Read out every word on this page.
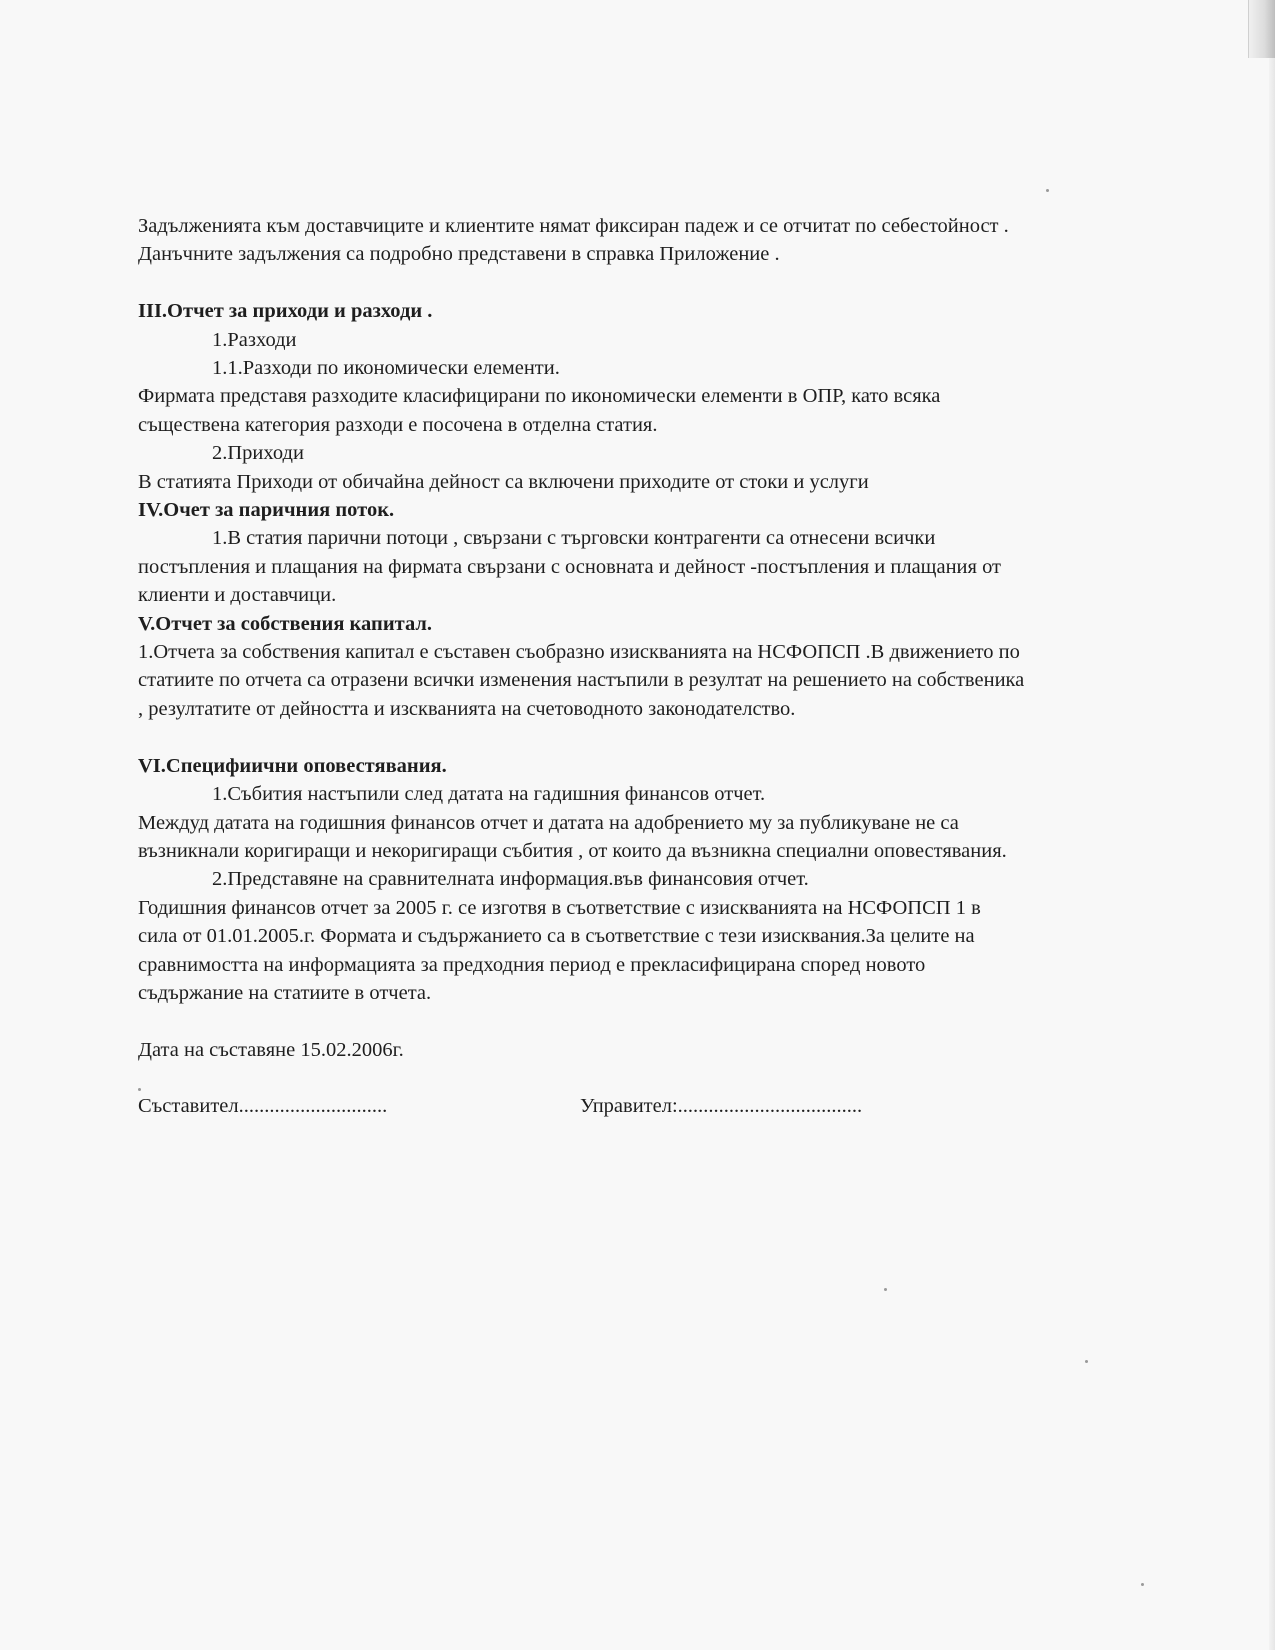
Задълженията към доставчиците и клиентите нямат фиксиран падеж и се отчитат по себестойност .
Данъчните задължения са подробно представени в справка Приложение .
III.Отчет за приходи и разходи .
1.Разходи
1.1.Разходи по икономически елементи.
Фирмата представя разходите класифицирани по икономически елементи в ОПР, като всяка
съществена категория разходи е посочена в отделна статия.
2.Приходи
В статията Приходи от обичайна дейност са включени приходите от стоки и услуги
IV.Очет за паричния поток.
1.В статия парични потоци , свързани с търговски контрагенти са отнесени всички
постъпления и плащания на фирмата свързани с основната и дейност -постъпления и плащания от
клиенти и доставчици.
V.Отчет за собствения капитал.
1.Отчета за собствения капитал е съставен съобразно изискванията на НСФОПСП .В движението по
статиите по отчета са отразени всички изменения настъпили в резултат на решението на собственика
, резултатите от дейността и изскванията на счетоводното законодателство.
VI.Специфиични оповестявания.
1.Събития настъпили след датата на гадишния финансов отчет.
Междуд датата на годишния финансов отчет и датата на адобрението му за публикуване не са
възникнали коригиращи и некоригиращи събития , от които да възникна специални оповестявания.
2.Представяне на сравнителната информация.във финансовия отчет.
Годишния финансов отчет за 2005 г. се изготвя в съответствие с изискванията на НСФОПСП 1 в
сила от 01.01.2005.г. Формата и съдържанието са в съответствие с тези изисквания.За целите на
сравнимостта на информацията за предходния период е прекласифицирана според новото
съдържание на статиите в отчета.
Дата на съставяне 15.02.2006г.
Съставител.............................	Управител:....................................
